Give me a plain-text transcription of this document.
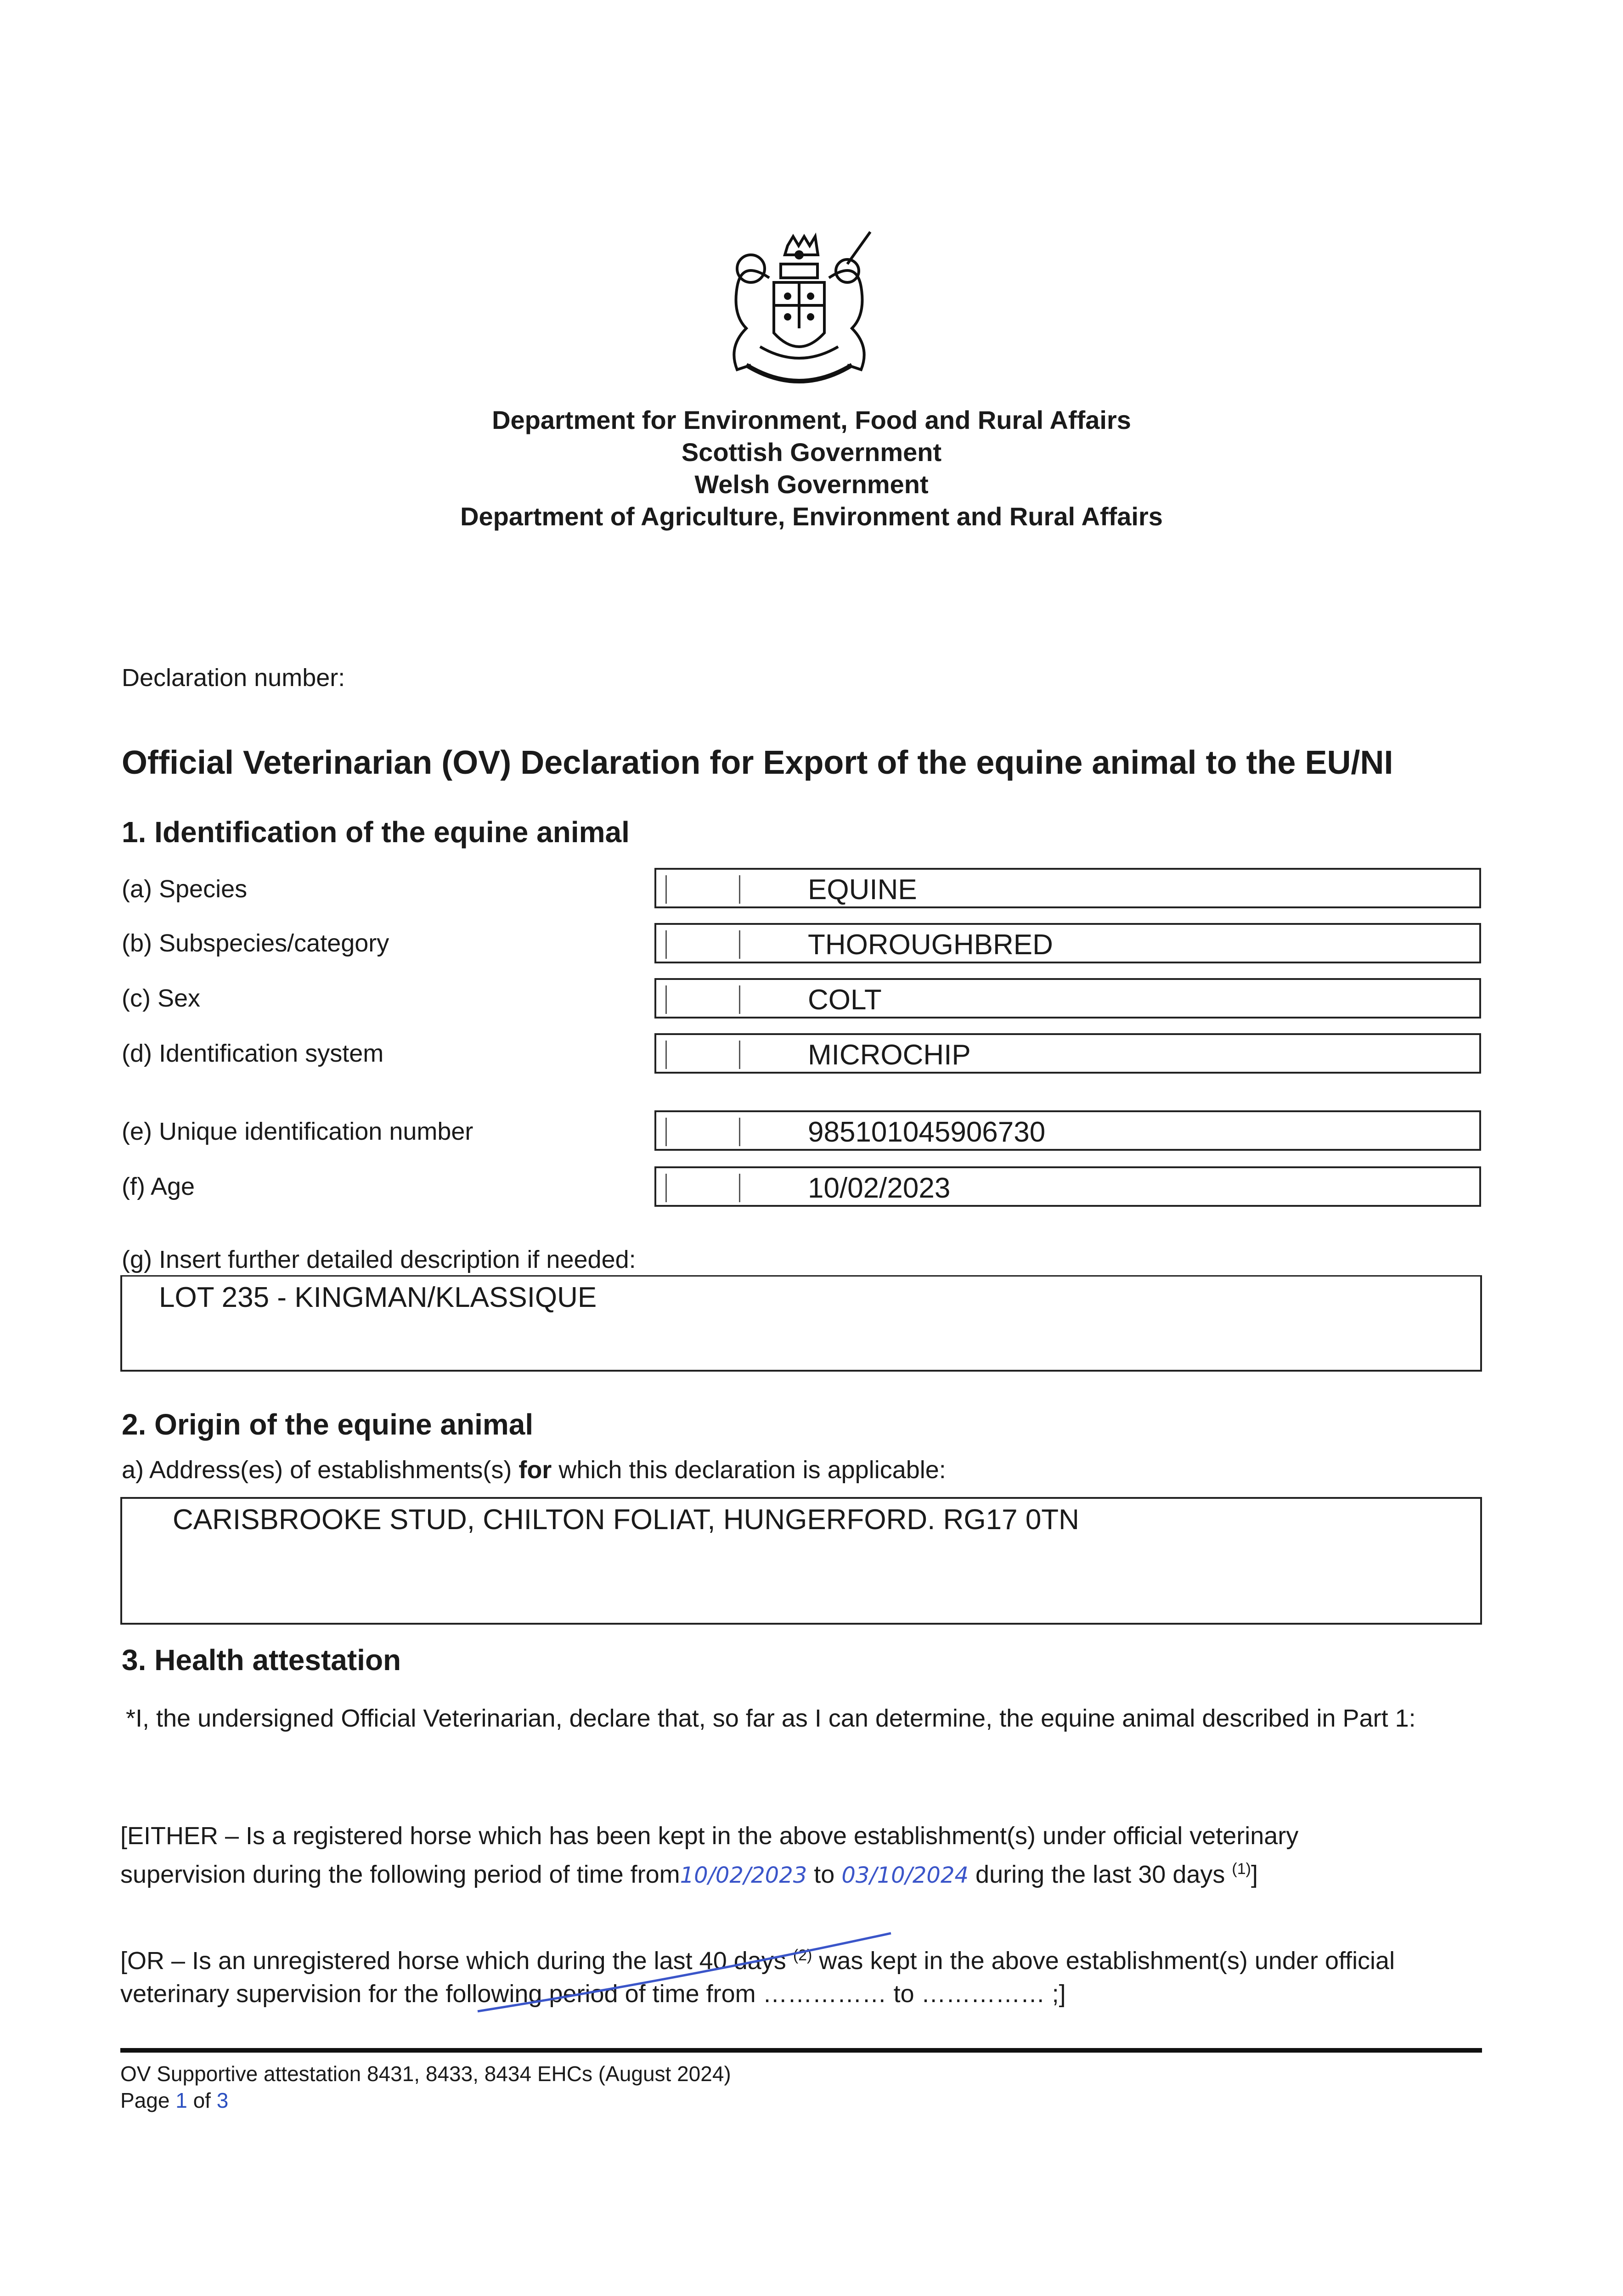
Department for Environment, Food and Rural Affairs
Scottish Government
Welsh Government
Department of Agriculture, Environment and Rural Affairs
Declaration number:
Official Veterinarian (OV) Declaration for Export of the equine animal to the EU/NI
1. Identification of the equine animal
(a) Species	EQUINE
(b) Subspecies/category	THOROUGHBRED
(c) Sex	COLT
(d) Identification system	MICROCHIP
(e) Unique identification number	985101045906730
(f) Age	10/02/2023
(g) Insert further detailed description if needed:
LOT 235 - KINGMAN/KLASSIQUE
2. Origin of the equine animal
a) Address(es) of establishments(s) for which this declaration is applicable:
CARISBROOKE STUD, CHILTON FOLIAT, HUNGERFORD. RG17 0TN
3. Health attestation
*I, the undersigned Official Veterinarian, declare that, so far as I can determine, the equine animal described in Part 1:
[EITHER – Is a registered horse which has been kept in the above establishment(s) under official veterinary
supervision during the following period of time from10/02/2023 to 03/10/2024 during the last 30 days $^{(1)}$]
[OR – Is an unregistered horse which during the last 40 days $^{(2)}$ was kept in the above establishment(s) under official
veterinary supervision for the following period of time from …………… to …………… ;]
OV Supportive attestation 8431, 8433, 8434 EHCs (August 2024)
Page 1 of 3
